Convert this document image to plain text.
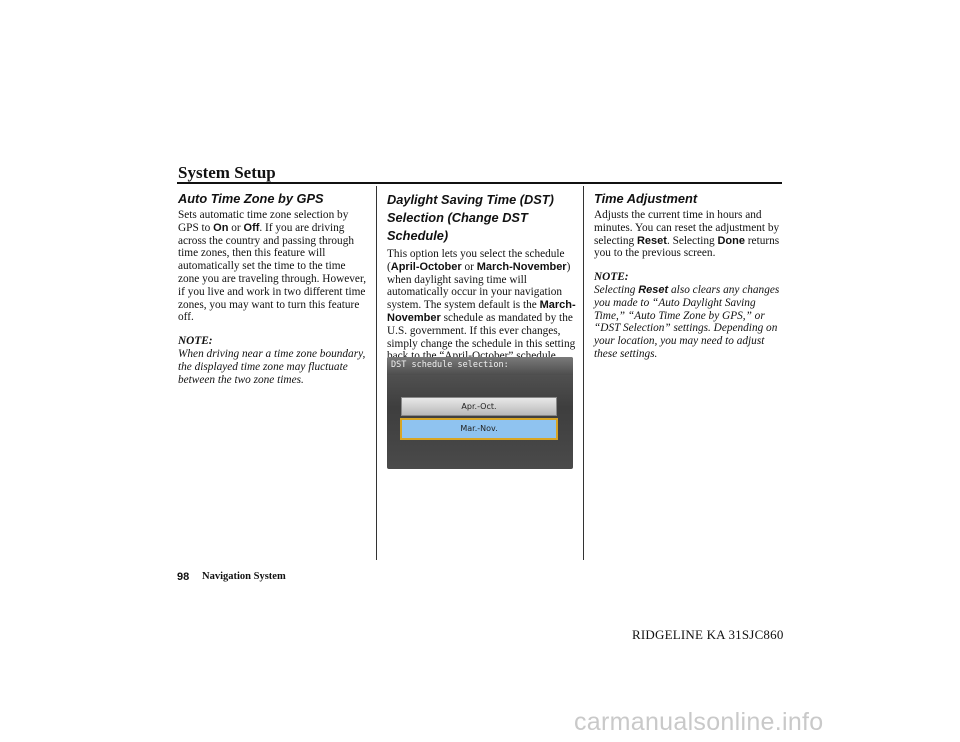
System Setup
Auto Time Zone by GPS

Sets automatic time zone selection by GPS to On or Off. If you are driving across the country and passing through time zones, then this feature will automatically set the time to the time zone you are traveling through. However, if you live and work in two different time zones, you may want to turn this feature off.

NOTE:

When driving near a time zone boundary, the displayed time zone may fluctuate between the two zone times.

Daylight Saving Time (DST) Selection (Change DST Schedule)

This option lets you select the schedule (April-October or March-November) when daylight saving time will automatically occur in your navigation system. The system default is the March-November schedule as mandated by the U.S. government. If this ever changes, simply change the schedule in this setting

Time Adjustment

Adjusts the current time in hours and minutes. You can reset the adjustment by selecting Reset. Selecting Done returns you to the previous screen.

NOTE:

Selecting Reset also clears any changes you made to “Auto Daylight Saving Time,” “Auto Time Zone by GPS,” or “DST Selection” settings. Depending on your location, you may need to adjust these settings.

DST schedule selection:
Apr.-Oct.
Mar.-Nov.
98 Navigation System
RIDGELINE KA 31SJC860
carmanualsonline.info
